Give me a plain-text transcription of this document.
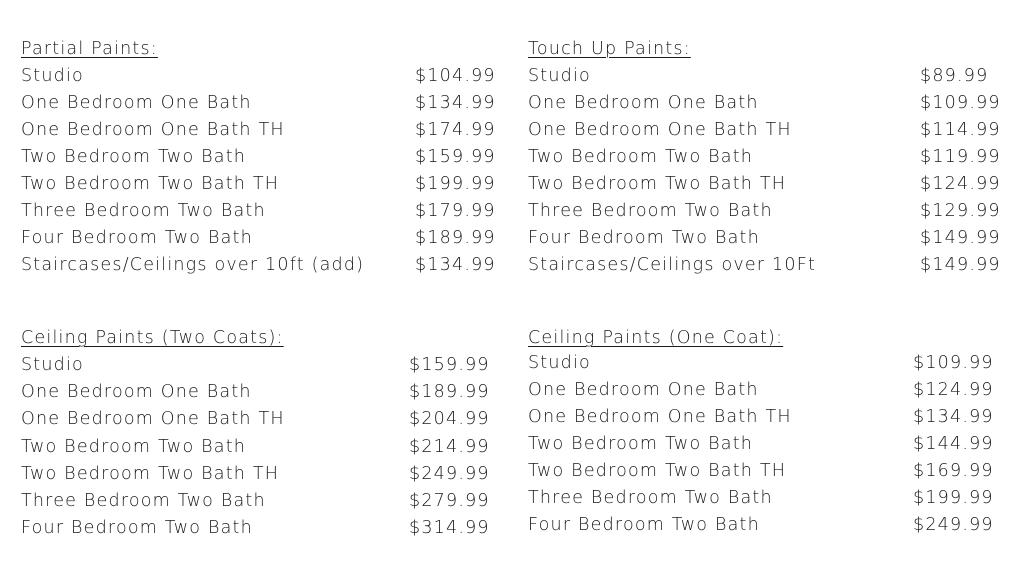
Partial Paints:
Studio	$104.99
One Bedroom One Bath	$134.99
One Bedroom One Bath TH	$174.99
Two Bedroom Two Bath	$159.99
Two Bedroom Two Bath TH	$199.99
Three Bedroom Two Bath	$179.99
Four Bedroom Two Bath	$189.99
Staircases/Ceilings over 10ft (add)	$134.99
Touch Up Paints:
Studio	$89.99
One Bedroom One Bath	$109.99
One Bedroom One Bath TH	$114.99
Two Bedroom Two Bath	$119.99
Two Bedroom Two Bath TH	$124.99
Three Bedroom Two Bath	$129.99
Four Bedroom Two Bath	$149.99
Staircases/Ceilings over 10Ft	$149.99
Ceiling Paints (Two Coats):
Studio	$159.99
One Bedroom One Bath	$189.99
One Bedroom One Bath TH	$204.99
Two Bedroom Two Bath	$214.99
Two Bedroom Two Bath TH	$249.99
Three Bedroom Two Bath	$279.99
Four Bedroom Two Bath	$314.99
Ceiling Paints (One Coat):
Studio	$109.99
One Bedroom One Bath	$124.99
One Bedroom One Bath TH	$134.99
Two Bedroom Two Bath	$144.99
Two Bedroom Two Bath TH	$169.99
Three Bedroom Two Bath	$199.99
Four Bedroom Two Bath	$249.99
